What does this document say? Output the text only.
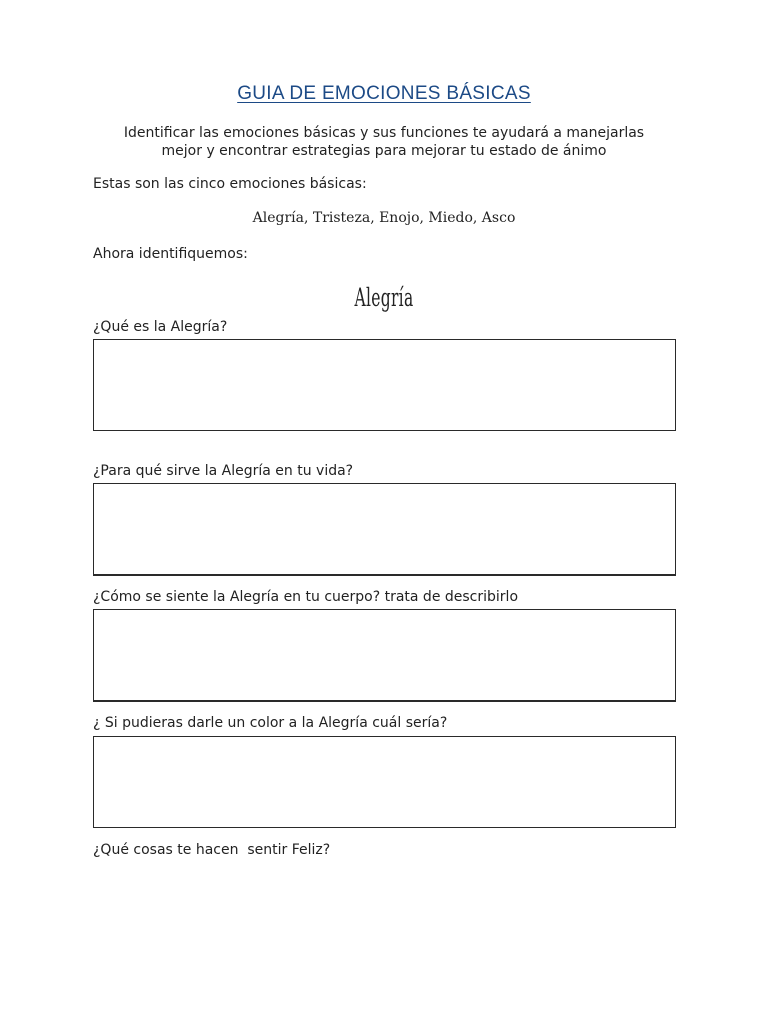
GUIA DE EMOCIONES BÁSICAS
Identificar las emociones básicas y sus funciones te ayudará a manejarlas
mejor y encontrar estrategias para mejorar tu estado de ánimo
Estas son las cinco emociones básicas:
Alegría, Tristeza, Enojo, Miedo, Asco
Ahora identifiquemos:
Alegría
¿Qué es la Alegría?
¿Para qué sirve la Alegría en tu vida?
¿Cómo se siente la Alegría en tu cuerpo? trata de describirlo
¿ Si pudieras darle un color a la Alegría cuál sería?
¿Qué cosas te hacen  sentir Feliz?
